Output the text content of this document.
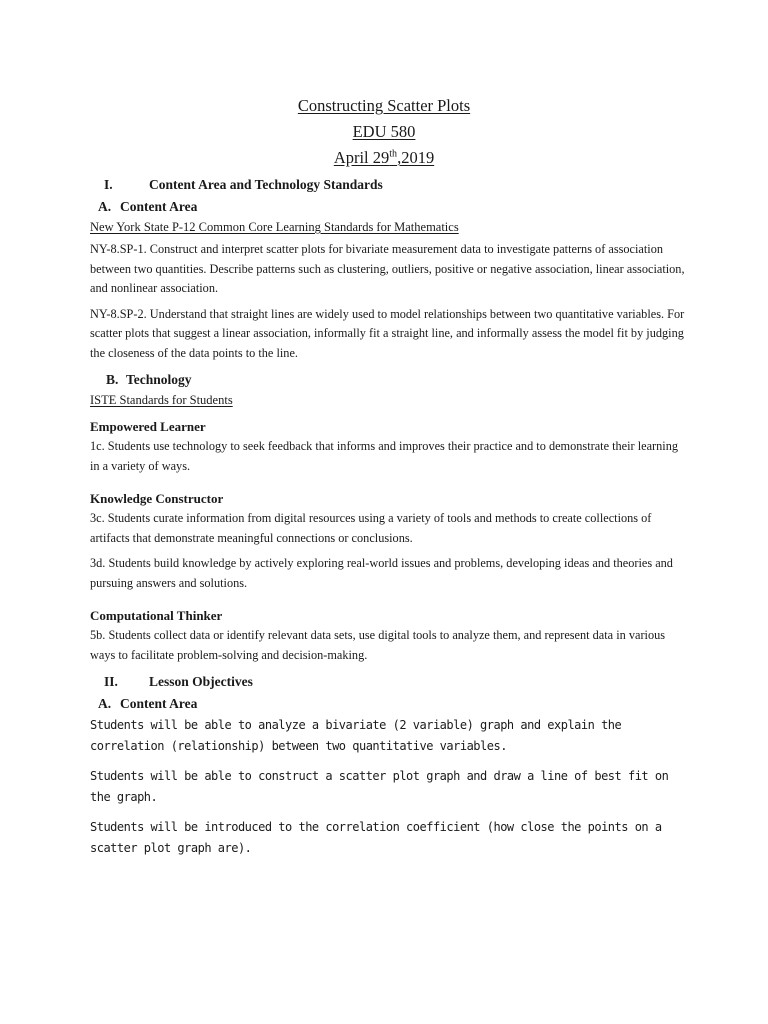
Constructing Scatter Plots
EDU 580
April 29th,2019
I.	Content Area and Technology Standards
A. Content Area
New York State P-12 Common Core Learning Standards for Mathematics

NY-8.SP-1. Construct and interpret scatter plots for bivariate measurement data to investigate patterns of association between two quantities. Describe patterns such as clustering, outliers, positive or negative association, linear association, and nonlinear association.

NY-8.SP-2. Understand that straight lines are widely used to model relationships between two quantitative variables. For scatter plots that suggest a linear association, informally fit a straight line, and informally assess the model fit by judging the closeness of the data points to the line.

B. Technology
ISTE Standards for Students
Empowered Learner

1c. Students use technology to seek feedback that informs and improves their practice and to demonstrate their learning in a variety of ways.

Knowledge Constructor

3c. Students curate information from digital resources using a variety of tools and methods to create collections of artifacts that demonstrate meaningful connections or conclusions.

3d. Students build knowledge by actively exploring real-world issues and problems, developing ideas and theories and pursuing answers and solutions.

Computational Thinker

5b. Students collect data or identify relevant data sets, use digital tools to analyze them, and represent data in various ways to facilitate problem-solving and decision-making.

II. Lesson Objectives
A. Content Area

Students will be able to analyze a bivariate (2 variable) graph and explain the correlation (relationship) between two quantitative variables.

Students will be able to construct a scatter plot graph and draw a line of best fit on the graph.

Students will be introduced to the correlation coefficient (how close the points on a scatter plot graph are).
